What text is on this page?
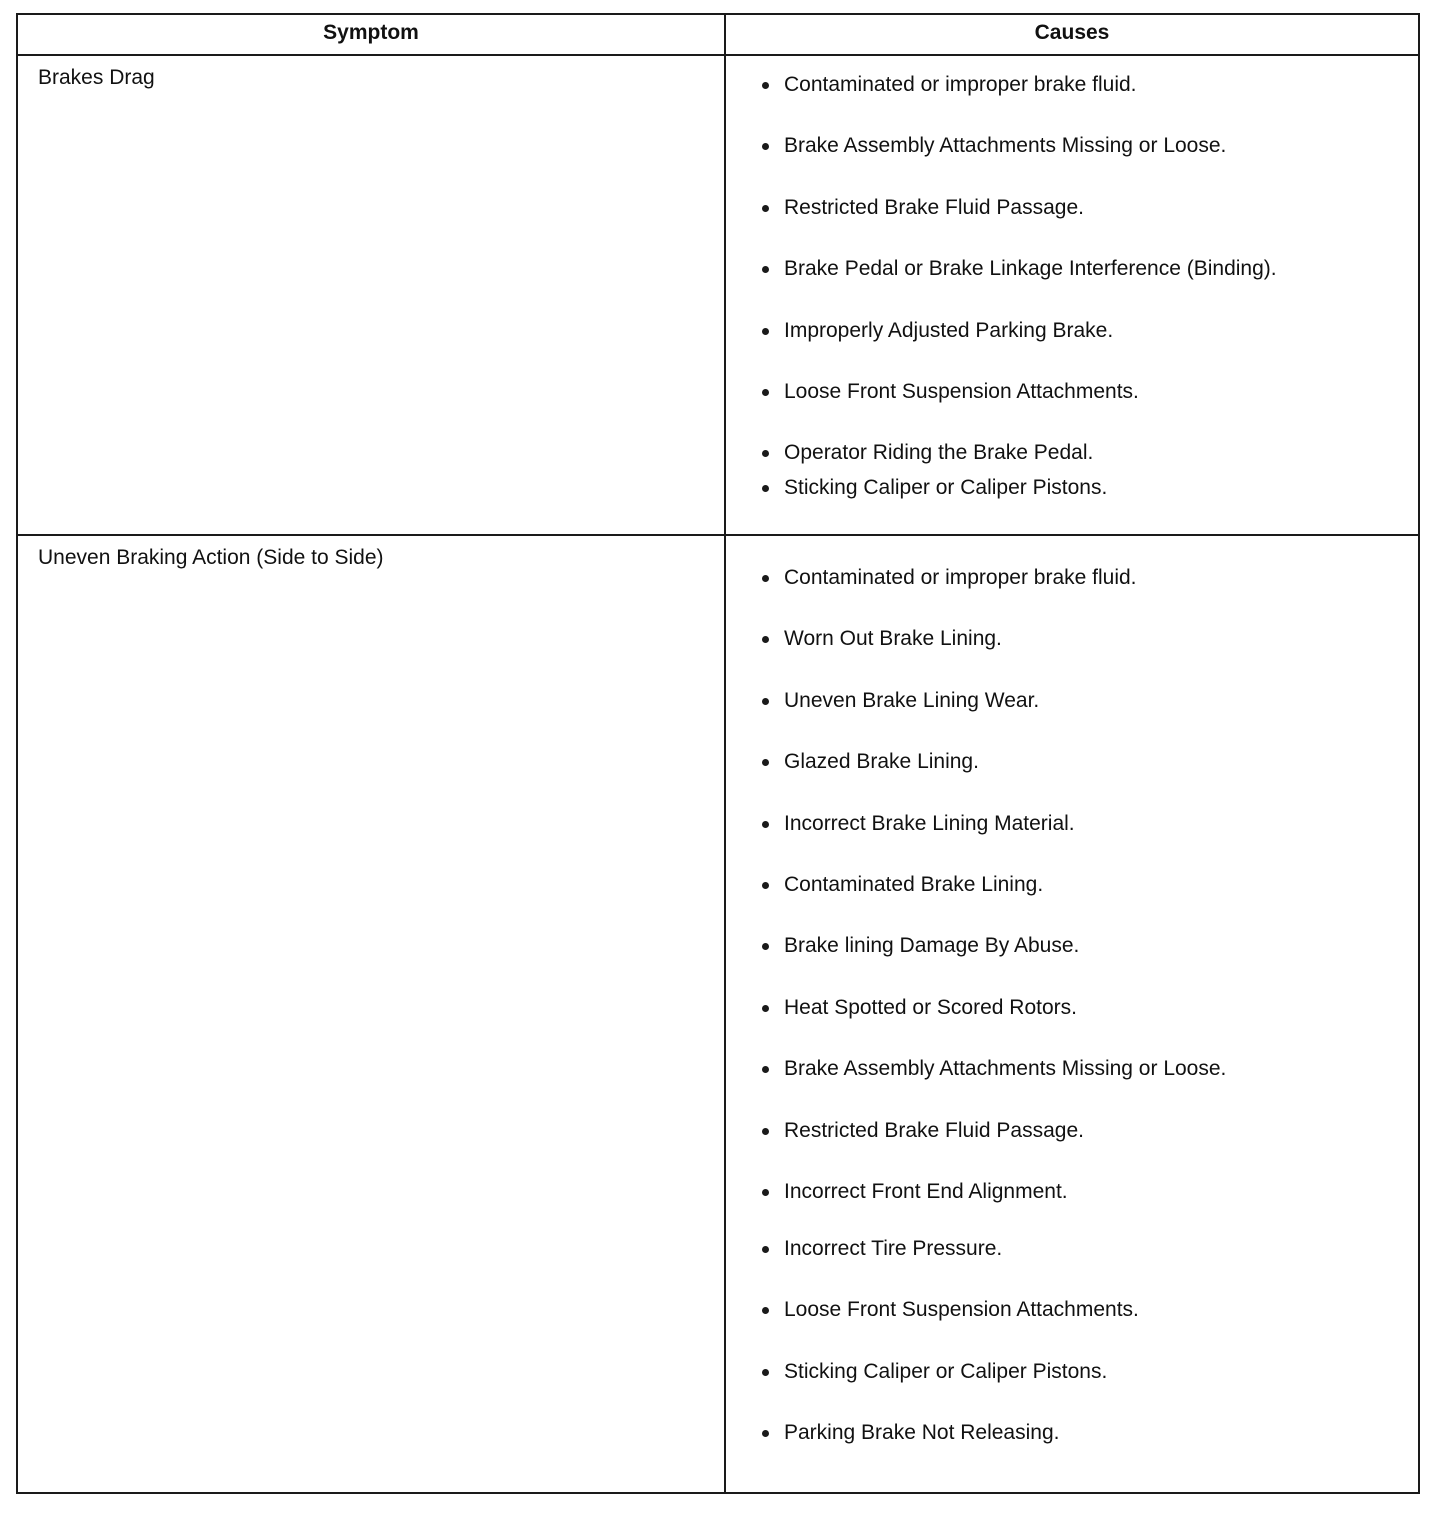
Symptom	Causes
Brakes Drag	Contaminated or improper brake fluid.
Brake Assembly Attachments Missing or Loose.
Restricted Brake Fluid Passage.
Brake Pedal or Brake Linkage Interference (Binding).
Improperly Adjusted Parking Brake.
Loose Front Suspension Attachments.
Operator Riding the Brake Pedal.
Sticking Caliper or Caliper Pistons.
Uneven Braking Action (Side to Side)
Contaminated or improper brake fluid.
Worn Out Brake Lining.
Uneven Brake Lining Wear.
Glazed Brake Lining.
Incorrect Brake Lining Material.
Contaminated Brake Lining.
Brake lining Damage By Abuse.
Heat Spotted or Scored Rotors.
Brake Assembly Attachments Missing or Loose.
Restricted Brake Fluid Passage.
Incorrect Front End Alignment.
Incorrect Tire Pressure.
Loose Front Suspension Attachments.
Sticking Caliper or Caliper Pistons.
Parking Brake Not Releasing.
